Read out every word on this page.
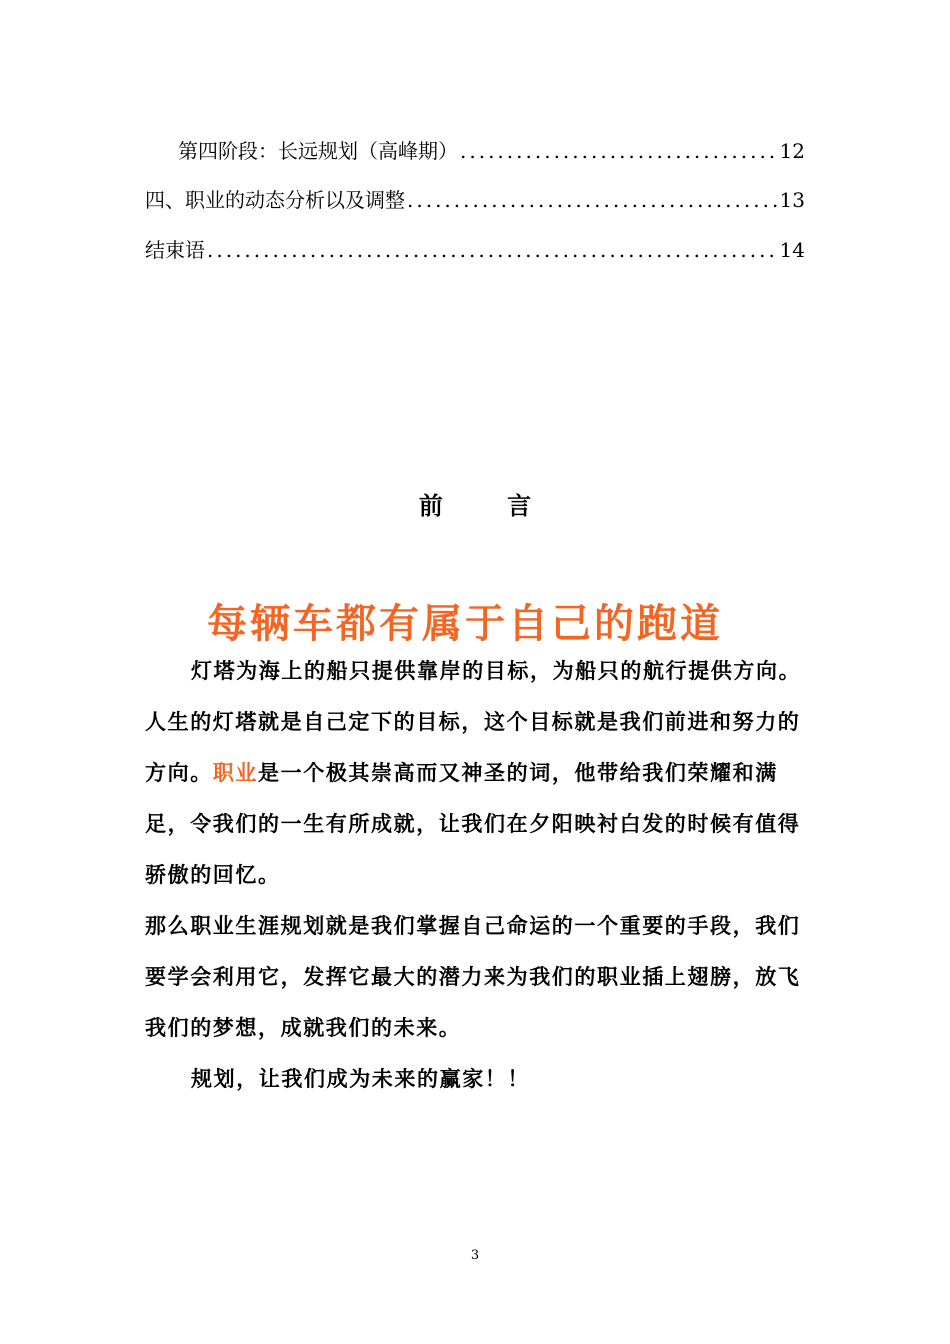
第四阶段：长远规划（高峰期） .....	12
四、职业的动态分析以及调整 .....	13
结束语 .....	14
前 言
每辆车都有属于自己的跑道

灯塔为海上的船只提供靠岸的目标，为船只的航行提供方向。人生的灯塔就是自己定下的目标，这个目标就是我们前进和努力的方向。职业是一个极其崇高而又神圣的词，他带给我们荣耀和满足，令我们的一生有所成就，让我们在夕阳映衬白发的时候有值得骄傲的回忆。

那么职业生涯规划就是我们掌握自己命运的一个重要的手段，我们要学会利用它，发挥它最大的潜力来为我们的职业插上翅膀，放飞我们的梦想，成就我们的未来。

规划，让我们成为未来的赢家！！

3
